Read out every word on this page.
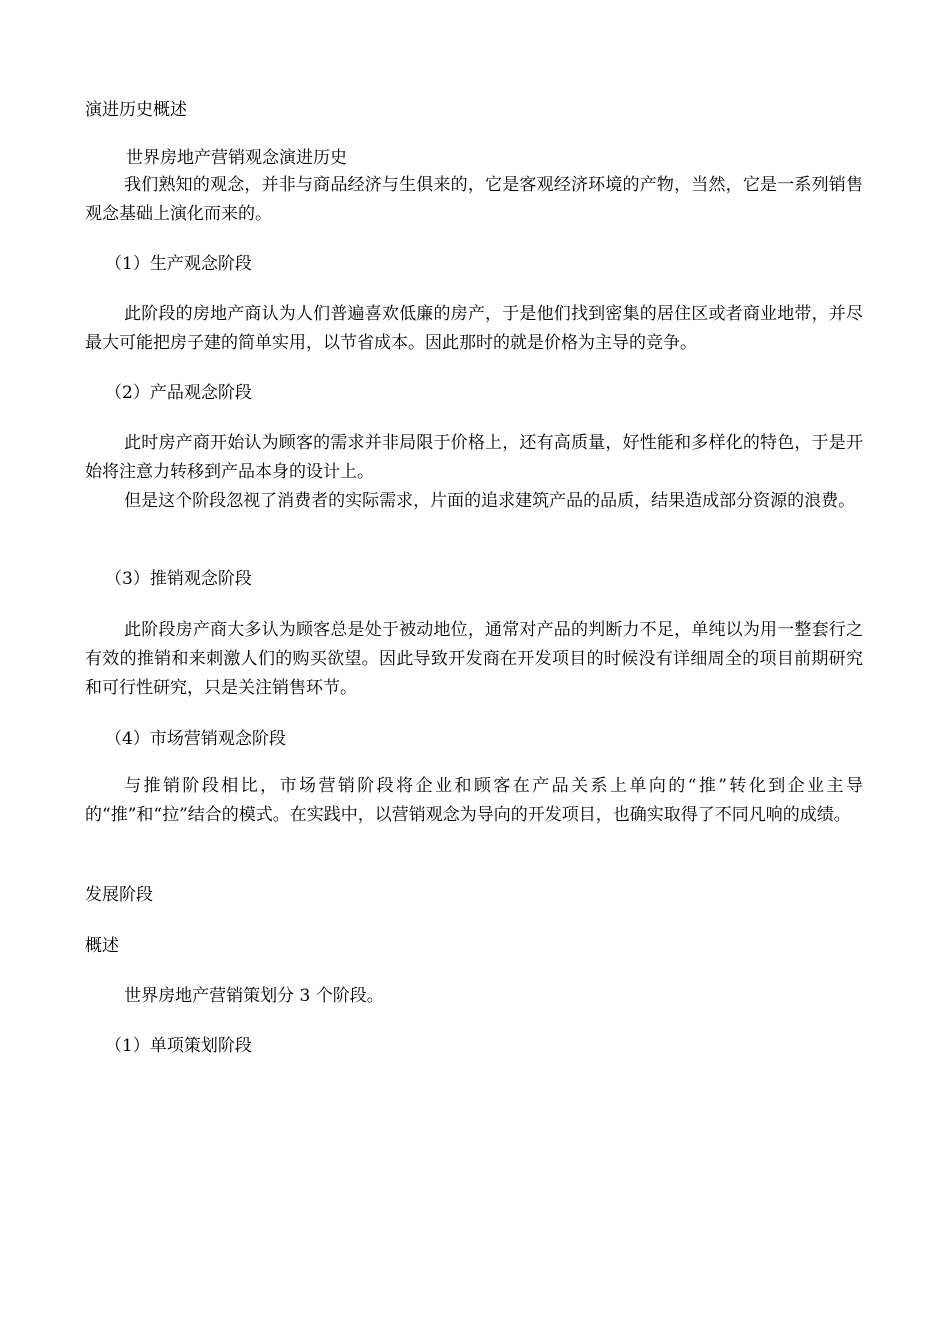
演进历史概述

世界房地产营销观念演进历史

我们熟知的观念，并非与商品经济与生俱来的，它是客观经济环境的产物，当然，它是一系列销售观念基础上演化而来的。

（1）生产观念阶段

此阶段的房地产商认为人们普遍喜欢低廉的房产，于是他们找到密集的居住区或者商业地带，并尽最大可能把房子建的简单实用，以节省成本。因此那时的就是价格为主导的竞争。

（2）产品观念阶段

此时房产商开始认为顾客的需求并非局限于价格上，还有高质量，好性能和多样化的特色，于是开始将注意力转移到产品本身的设计上。

但是这个阶段忽视了消费者的实际需求，片面的追求建筑产品的品质，结果造成部分资源的浪费。

（3）推销观念阶段

此阶段房产商大多认为顾客总是处于被动地位，通常对产品的判断力不足，单纯以为用一整套行之有效的推销和来刺激人们的购买欲望。因此导致开发商在开发项目的时候没有详细周全的项目前期研究和可行性研究，只是关注销售环节。

（4）市场营销观念阶段

与推销阶段相比，市场营销阶段将企业和顾客在产品关系上单向的“推”转化到企业主导的“推”和“拉”结合的模式。在实践中，以营销观念为导向的开发项目，也确实取得了不同凡响的成绩。

发展阶段

概述

世界房地产营销策划分 3 个阶段。

（1）单项策划阶段
